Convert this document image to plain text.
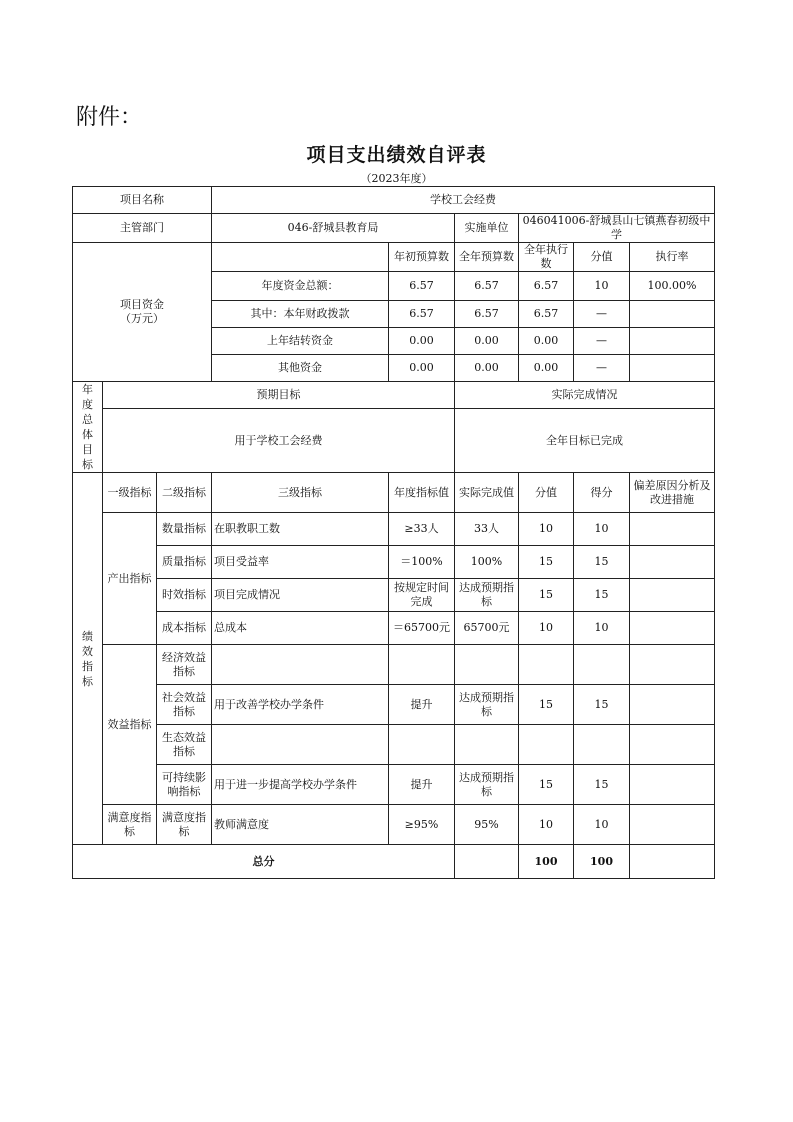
附件：
项目支出绩效自评表
（2023年度）
项目名称			学校工会经费						
主管部门			046-舒城县教育局		实施单位	046041006-舒城县山七镇燕春初级中学			

项目资金
（万元）				年初预算数	全年预算数	全年执行数	分值	执行率	
			年度资金总额：	6.57	6.57	6.57	10	100.00%	
			其中：本年财政拨款	6.57	6.57	6.57	—		
			上年结转资金	0.00	0.00	0.00	—		
			其他资金	0.00	0.00	0.00	—		

年度总体目标	预期目标				实际完成情况				
	用于学校工会经费				全年目标已完成				

绩效指标	一级指标	二级指标	三级指标	年度指标值	实际完成值	分值	得分	偏差原因分析及改进措施	
	产出指标	数量指标	在职教职工数	≥33人	33人	10	10		
		质量指标	项目受益率	＝100%	100%	15	15		
		时效指标	项目完成情况	按规定时间完成	达成预期指标	15	15		
		成本指标	总成本	＝65700元	65700元	10	10		
	效益指标	经济效益指标							
		社会效益指标	用于改善学校办学条件	提升	达成预期指标	15	15		
		生态效益指标							
		可持续影响指标	用于进一步提高学校办学条件	提升	达成预期指标	15	15		
	满意度指标	满意度指标	教师满意度	≥95%	95%	10	10		
总分						100	100		
